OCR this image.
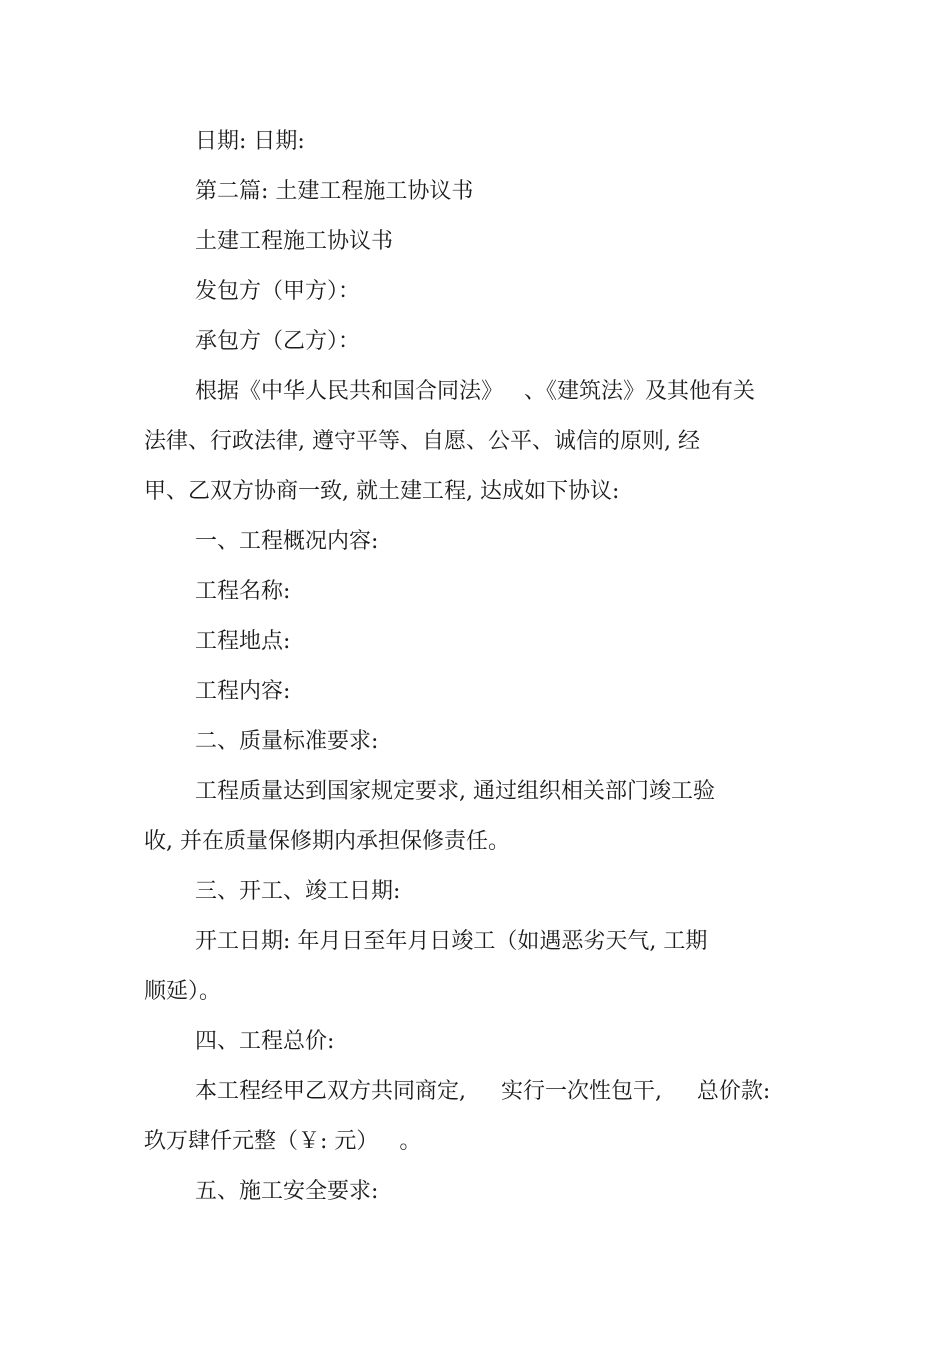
日期: 日期:
第二篇: 土建工程施工协议书
土建工程施工协议书
发包方（甲方）：
承包方（乙方）：
根据《中华人民共和国合同法》   、《建筑法》及其他有关
法律、行政法律, 遵守平等、自愿、公平、诚信的原则, 经
甲、乙双方协商一致, 就土建工程, 达成如下协议:
一、工程概况内容:
工程名称:
工程地点:
工程内容:
二、质量标准要求:
工程质量达到国家规定要求, 通过组织相关部门竣工验
收, 并在质量保修期内承担保修责任。
三、开工、竣工日期:
开工日期: 年月日至年月日竣工（如遇恶劣天气, 工期
顺延）。
四、工程总价:
本工程经甲乙双方共同商定,     实行一次性包干,     总价款:
玖万肆仟元整（￥: 元）   。
五、施工安全要求:
